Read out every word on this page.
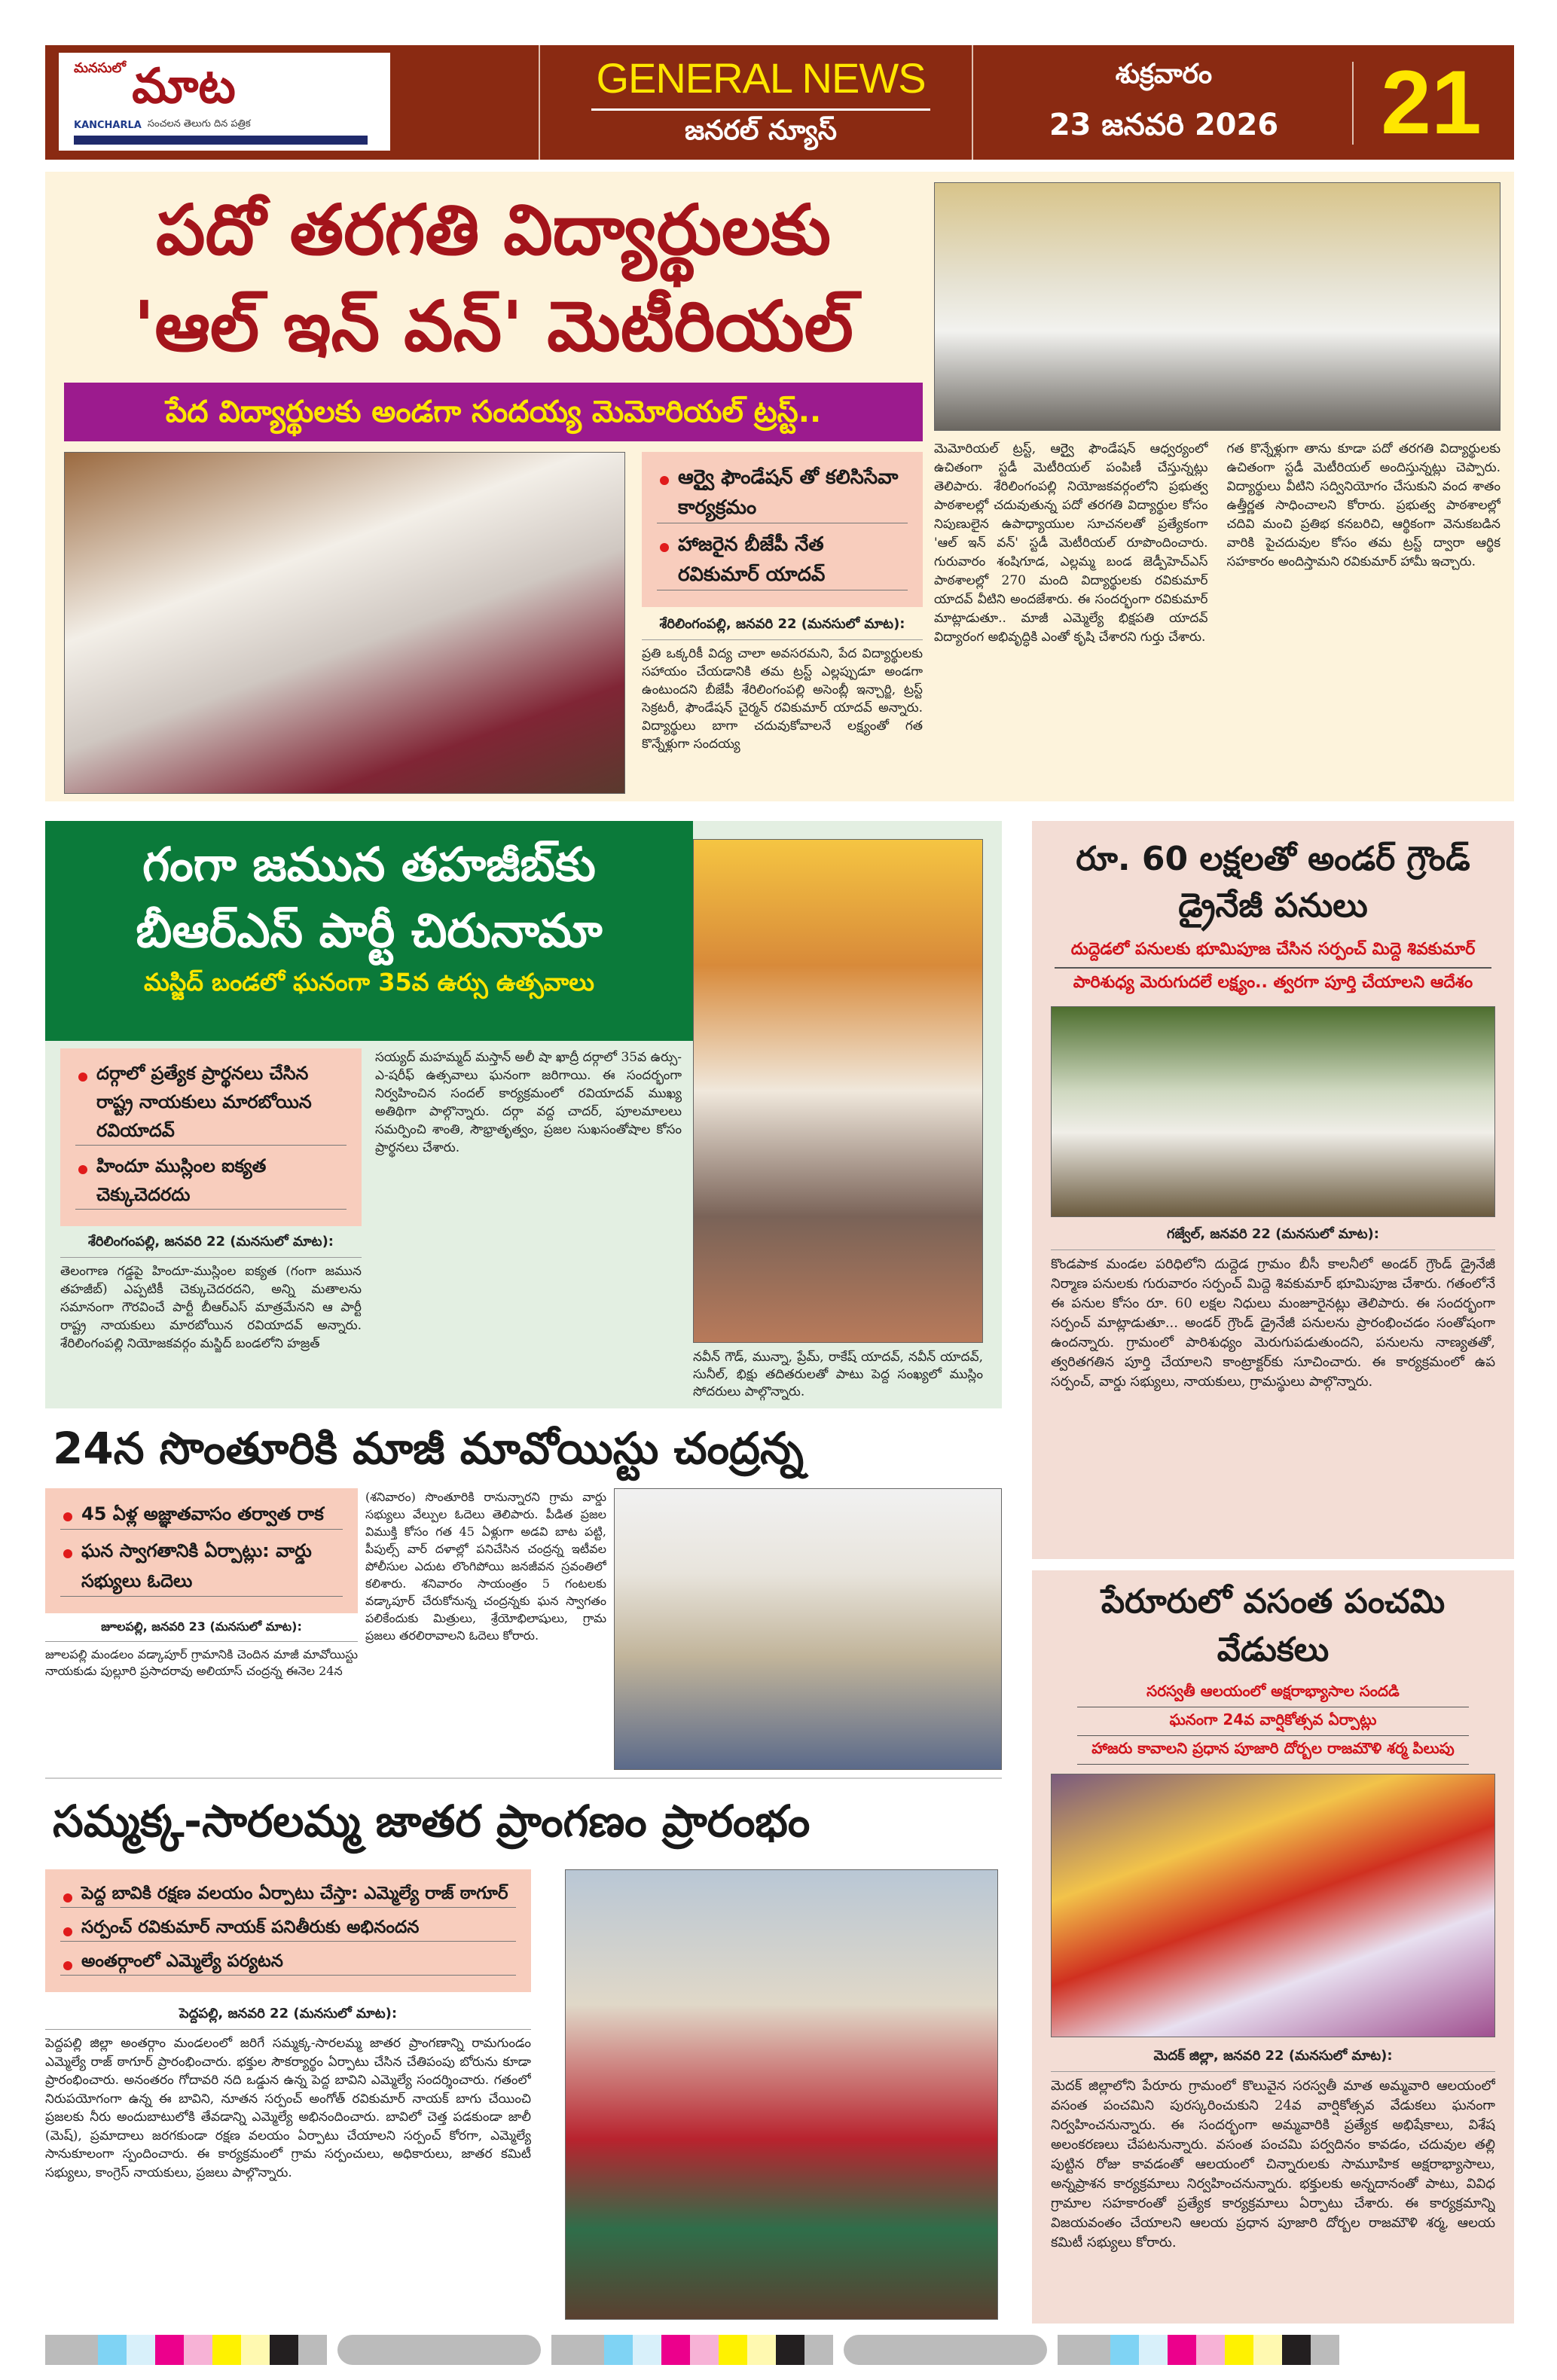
మనసులో మాట
KANCHARLA సంచలన తెలుగు దిన పత్రిక
GENERAL NEWS
జనరల్ న్యూస్
శుక్రవారం
23 జనవరి 2026	21
పదో తరగతి విద్యార్థులకు
'ఆల్ ఇన్ వన్' మెటీరియల్
పేద విద్యార్థులకు అండగా సందయ్య మెమోరియల్ ట్రస్ట్..
ఆర్వైై ఫౌండేషన్ తో కలిసిసేవా కార్యక్రమం
హాజరైన బీజేపీ నేత రవికుమార్ యాదవ్
శేరిలింగంపల్లి, జనవరి 22 (మనసులో మాట):
ప్రతి ఒక్కరికీ విద్య చాలా అవసరమని, పేద విద్యార్థులకు సహాయం చేయడానికి తమ ట్రస్ట్ ఎల్లప్పుడూ అండగా ఉంటుందని బీజేపీ శేరిలింగంపల్లి అసెంబ్లీ ఇన్చార్జి, ట్రస్ట్ సెక్రటరీ, ఫౌండేషన్ చైర్మన్ రవికుమార్ యాదవ్ అన్నారు. విద్యార్థులు బాగా చదువుకోవాలనే లక్ష్యంతో గత కొన్నేళ్లుగా సందయ్య
మెమోరియల్ ట్రస్ట్, ఆర్వైై ఫౌండేషన్ ఆధ్వర్యంలో ఉచితంగా స్టడీ మెటీరియల్ పంపిణీ చేస్తున్నట్లు తెలిపారు. శేరిలింగంపల్లి నియోజకవర్గంలోని ప్రభుత్వ పాఠశాలల్లో చదువుతున్న పదో తరగతి విద్యార్థుల కోసం నిపుణులైన ఉపాధ్యాయుల సూచనలతో ప్రత్యేకంగా 'ఆల్ ఇన్ వన్' స్టడీ మెటీరియల్ రూపొందించారు. గురువారం శంషిగూడ, ఎల్లమ్మ బండ జెడ్పీహెచ్ఎస్ పాఠశాలల్లో 270 మంది విద్యార్థులకు రవికుమార్ యాదవ్ వీటిని అందజేశారు. ఈ సందర్భంగా రవికుమార్ మాట్లాడుతూ.. మాజీ ఎమ్మెల్యే భిక్షపతి యాదవ్ విద్యారంగ అభివృద్ధికి ఎంతో కృషి చేశారని గుర్తు చేశారు.
గత కొన్నేళ్లుగా తాను కూడా పదో తరగతి విద్యార్థులకు ఉచితంగా స్టడీ మెటీరియల్ అందిస్తున్నట్లు చెప్పారు. విద్యార్థులు వీటిని సద్వినియోగం చేసుకుని వంద శాతం ఉత్తీర్ణత సాధించాలని కోరారు. ప్రభుత్వ పాఠశాలల్లో చదివి మంచి ప్రతిభ కనబరిచి, ఆర్థికంగా వెనుకబడిన వారికి పైచదువుల కోసం తమ ట్రస్ట్ ద్వారా ఆర్థిక సహకారం అందిస్తామని రవికుమార్ హామీ ఇచ్చారు.
గంగా జమున తహజీబ్‌కు
బీఆర్ఎస్ పార్టీ చిరునామా
మస్జిద్ బండలో ఘనంగా 35వ ఉర్సు ఉత్సవాలు
దర్గాలో ప్రత్యేక ప్రార్థనలు చేసిన రాష్ట్ర నాయకులు మారబోయిన రవియాదవ్
హిందూ ముస్లింల ఐక్యత చెక్కుచెదరదు
శేరిలింగంపల్లి, జనవరి 22 (మనసులో మాట):
తెలంగాణ గడ్డపై హిందూ-ముస్లింల ఐక్యత (గంగా జమున తహజీబ్) ఎప్పటికీ చెక్కుచెదరదని, అన్ని మతాలను సమానంగా గౌరవించే పార్టీ బీఆర్ఎస్ మాత్రమేనని ఆ పార్టీ రాష్ట్ర నాయకులు మారబోయిన రవియాదవ్ అన్నారు. శేరిలింగంపల్లి నియోజకవర్గం మస్జిద్ బండలోని హజ్రత్
సయ్యద్ మహమ్మద్ మస్తాన్ అలీ షా ఖాద్రీ దర్గాలో 35వ ఉర్సు-ఎ-షరీఫ్ ఉత్సవాలు ఘనంగా జరిగాయి. ఈ సందర్భంగా నిర్వహించిన సందల్ కార్యక్రమంలో రవియాదవ్ ముఖ్య అతిథిగా పాల్గొన్నారు. దర్గా వద్ద చాదర్, పూలమాలలు సమర్పించి శాంతి, సౌభ్రాతృత్వం, ప్రజల సుఖసంతోషాల కోసం ప్రార్థనలు చేశారు.
నవీన్ గౌడ్, మున్నా, ప్రేమ్, రాకేష్ యాదవ్, నవీన్ యాదవ్, సునీల్, భిక్షు తదితరులతో పాటు పెద్ద సంఖ్యలో ముస్లిం సోదరులు పాల్గొన్నారు.
రూ. 60 లక్షలతో అండర్ గ్రౌండ్
డ్రైనేజీ పనులు
దుద్దెడలో పనులకు భూమిపూజ చేసిన సర్పంచ్ మిద్దె శివకుమార్
పారిశుధ్య మెరుగుదలే లక్ష్యం.. త్వరగా పూర్తి చేయాలని ఆదేశం
గజ్వేల్, జనవరి 22 (మనసులో మాట):
కొండపాక మండల పరిధిలోని దుద్దెడ గ్రామం బీసీ కాలనీలో అండర్ గ్రౌండ్ డ్రైనేజీ నిర్మాణ పనులకు గురువారం సర్పంచ్ మిద్దె శివకుమార్ భూమిపూజ చేశారు. గతంలోనే ఈ పనుల కోసం రూ. 60 లక్షల నిధులు మంజూరైనట్లు తెలిపారు. ఈ సందర్భంగా సర్పంచ్ మాట్లాడుతూ... అండర్ గ్రౌండ్ డ్రైనేజీ పనులను ప్రారంభించడం సంతోషంగా ఉందన్నారు. గ్రామంలో పారిశుధ్యం మెరుగుపడుతుందని, పనులను నాణ్యతతో, త్వరితగతిన పూర్తి చేయాలని కాంట్రాక్టర్‌కు సూచించారు. ఈ కార్యక్రమంలో ఉప సర్పంచ్, వార్డు సభ్యులు, నాయకులు, గ్రామస్థులు పాల్గొన్నారు.
24న సొంతూరికి మాజీ మావోయిస్టు చంద్రన్న
45 ఏళ్ల అజ్ఞాతవాసం తర్వాత రాక
ఘన స్వాగతానికి ఏర్పాట్లు: వార్డు సభ్యులు ఓదెలు
జూలపల్లి, జనవరి 23 (మనసులో మాట):
జూలపల్లి మండలం వడ్కాపూర్ గ్రామానికి చెందిన మాజీ మావోయిస్టు నాయకుడు పుల్లూరి ప్రసాదరావు అలియాస్ చంద్రన్న ఈనెల 24న
(శనివారం) సొంతూరికి రానున్నారని గ్రామ వార్డు సభ్యులు వేల్పుల ఓదెలు తెలిపారు. పీడిత ప్రజల విముక్తి కోసం గత 45 ఏళ్లుగా అడవి బాట పట్టి, పీపుల్స్ వార్ దళాల్లో పనిచేసిన చంద్రన్న ఇటీవల పోలీసుల ఎదుట లొంగిపోయి జనజీవన స్రవంతిలో కలిశారు. శనివారం సాయంత్రం 5 గంటలకు వడ్కాపూర్ చేరుకోనున్న చంద్రన్నకు ఘన స్వాగతం పలికేందుకు మిత్రులు, శ్రేయోభిలాషులు, గ్రామ ప్రజలు తరలిరావాలని ఓదెలు కోరారు.
సమ్మక్క-సారలమ్మ జాతర ప్రాంగణం ప్రారంభం
పెద్ద బావికి రక్షణ వలయం ఏర్పాటు చేస్తా: ఎమ్మెల్యే రాజ్ ఠాగూర్
సర్పంచ్ రవికుమార్ నాయక్ పనితీరుకు అభినందన
అంతర్గాంలో ఎమ్మెల్యే పర్యటన
పెద్దపల్లి, జనవరి 22 (మనసులో మాట):
పెద్దపల్లి జిల్లా అంతర్గాం మండలంలో జరిగే సమ్మక్క-సారలమ్మ జాతర ప్రాంగణాన్ని రామగుండం ఎమ్మెల్యే రాజ్ ఠాగూర్ ప్రారంభించారు. భక్తుల సౌకర్యార్థం ఏర్పాటు చేసిన చేతిపంపు బోరును కూడా ప్రారంభించారు. అనంతరం గోదావరి నది ఒడ్డున ఉన్న పెద్ద బావిని ఎమ్మెల్యే సందర్శించారు. గతంలో నిరుపయోగంగా ఉన్న ఈ బావిని, నూతన సర్పంచ్ అంగోత్ రవికుమార్ నాయక్ బాగు చేయించి ప్రజలకు నీరు అందుబాటులోకి తేవడాన్ని ఎమ్మెల్యే అభినందించారు. బావిలో చెత్త పడకుండా జాలీ (మెష్), ప్రమాదాలు జరగకుండా రక్షణ వలయం ఏర్పాటు చేయాలని సర్పంచ్ కోరగా, ఎమ్మెల్యే సానుకూలంగా స్పందించారు. ఈ కార్యక్రమంలో గ్రామ సర్పంచులు, అధికారులు, జాతర కమిటీ సభ్యులు, కాంగ్రెస్ నాయకులు, ప్రజలు పాల్గొన్నారు.
పేరూరులో వసంత పంచమి వేడుకలు
సరస్వతీ ఆలయంలో అక్షరాభ్యాసాల సందడి
ఘనంగా 24వ వార్షికోత్సవ ఏర్పాట్లు
హాజరు కావాలని ప్రధాన పూజారి దోర్బల రాజమౌళి శర్మ పిలుపు
మెదక్ జిల్లా, జనవరి 22 (మనసులో మాట):
మెదక్ జిల్లాలోని పేరూరు గ్రామంలో కొలువైన సరస్వతీ మాత అమ్మవారి ఆలయంలో వసంత పంచమిని పురస్కరించుకుని 24వ వార్షికోత్సవ వేడుకలు ఘనంగా నిర్వహించనున్నారు. ఈ సందర్భంగా అమ్మవారికి ప్రత్యేక అభిషేకాలు, విశేష అలంకరణలు చేపటనున్నారు. వసంత పంచమి పర్వదినం కావడం, చదువుల తల్లి పుట్టిన రోజు కావడంతో ఆలయంలో చిన్నారులకు సామూహిక అక్షరాభ్యాసాలు, అన్నప్రాశన కార్యక్రమాలు నిర్వహించనున్నారు. భక్తులకు అన్నదానంతో పాటు, వివిధ గ్రామాల సహకారంతో ప్రత్యేక కార్యక్రమాలు ఏర్పాటు చేశారు. ఈ కార్యక్రమాన్ని విజయవంతం చేయాలని ఆలయ ప్రధాన పూజారి దోర్బల రాజమౌళి శర్మ, ఆలయ కమిటీ సభ్యులు కోరారు.
